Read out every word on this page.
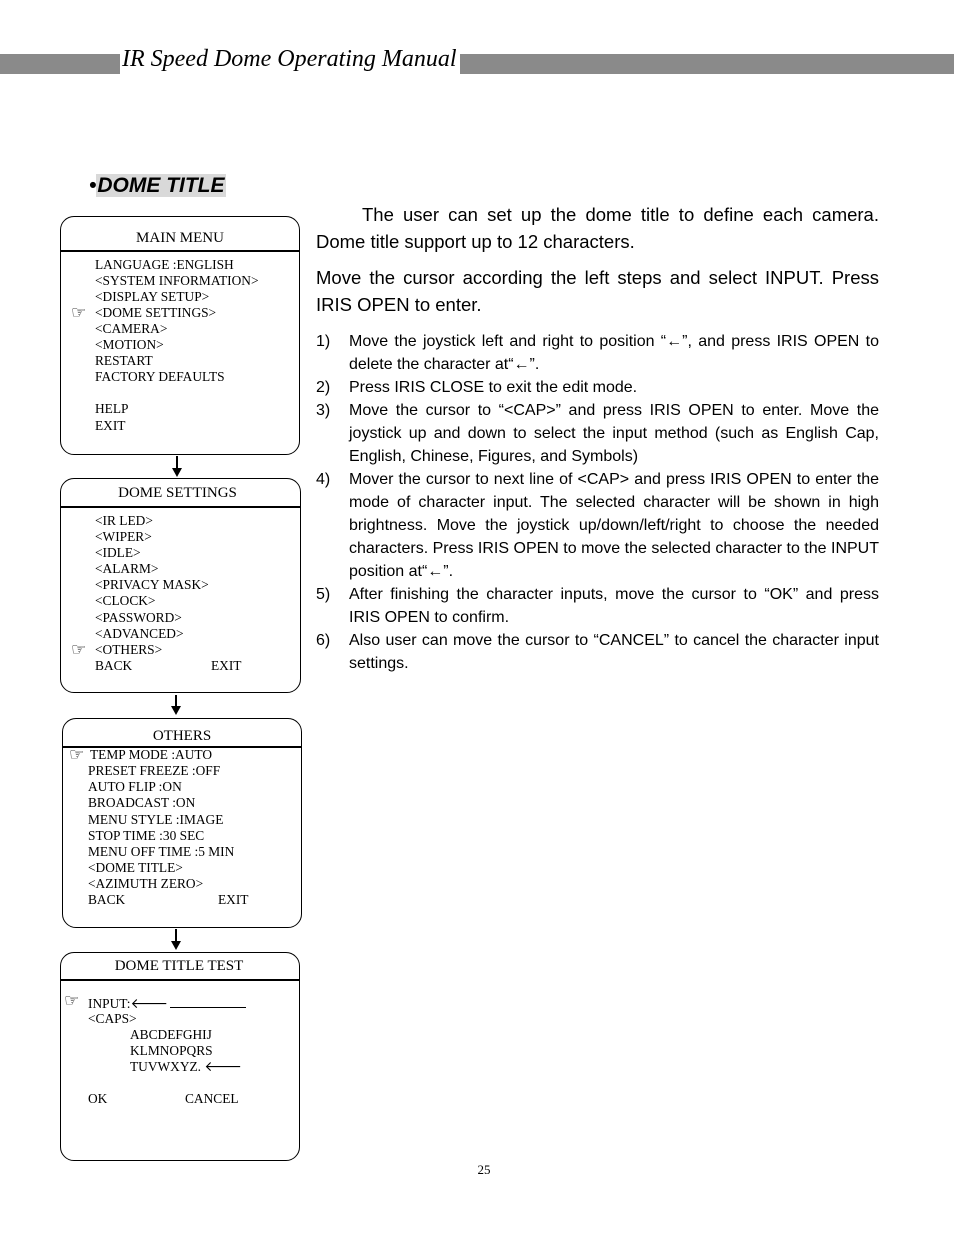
IR Speed Dome Operating Manual
•DOME TITLE
MAIN MENU
LANGUAGE :ENGLISH
<SYSTEM INFORMATION>
<DISPLAY SETUP>
☞ <DOME SETTINGS>
<CAMERA>
<MOTION>
RESTART
FACTORY DEFAULTS
HELP
EXIT
DOME SETTINGS
<IR LED>
<WIPER>
<IDLE>
<ALARM>
<PRIVACY MASK>
<CLOCK>
<PASSWORD>
<ADVANCED>
☞ <OTHERS>
BACK	EXIT
OTHERS
☞ TEMP MODE :AUTO
PRESET FREEZE :OFF
AUTO FLIP :ON
BROADCAST :ON
MENU STYLE :IMAGE
STOP TIME :30 SEC
MENU OFF TIME :5 MIN
<DOME TITLE>
<AZIMUTH ZERO>
BACK	EXIT
DOME TITLE TEST
☞ INPUT:🡐
<CAPS>
ABCDEFGHIJ
KLMNOPQRS
TUVWXYZ. 🡐
OK	CANCEL

The user can set up the dome title to define each camera. Dome title support up to 12 characters.

Move the cursor according the left steps and select INPUT. Press IRIS OPEN to enter.

1)	Move the joystick left and right to position “←”, and press IRIS OPEN to delete the character at“←”.
2)	Press IRIS CLOSE to exit the edit mode.
3)	Move the cursor to “<CAP>” and press IRIS OPEN to enter. Move the joystick up and down to select the input method (such as English Cap, English, Chinese, Figures, and Symbols)
4)	Mover the cursor to next line of <CAP> and press IRIS OPEN to enter the mode of character input. The selected character will be shown in high brightness. Move the joystick up/down/left/right to choose the needed characters. Press IRIS OPEN to move the selected character to the INPUT position at“←”.
5)	After finishing the character inputs, move the cursor to “OK” and press IRIS OPEN to confirm.
6)	Also user can move the cursor to “CANCEL” to cancel the character input settings.
25
